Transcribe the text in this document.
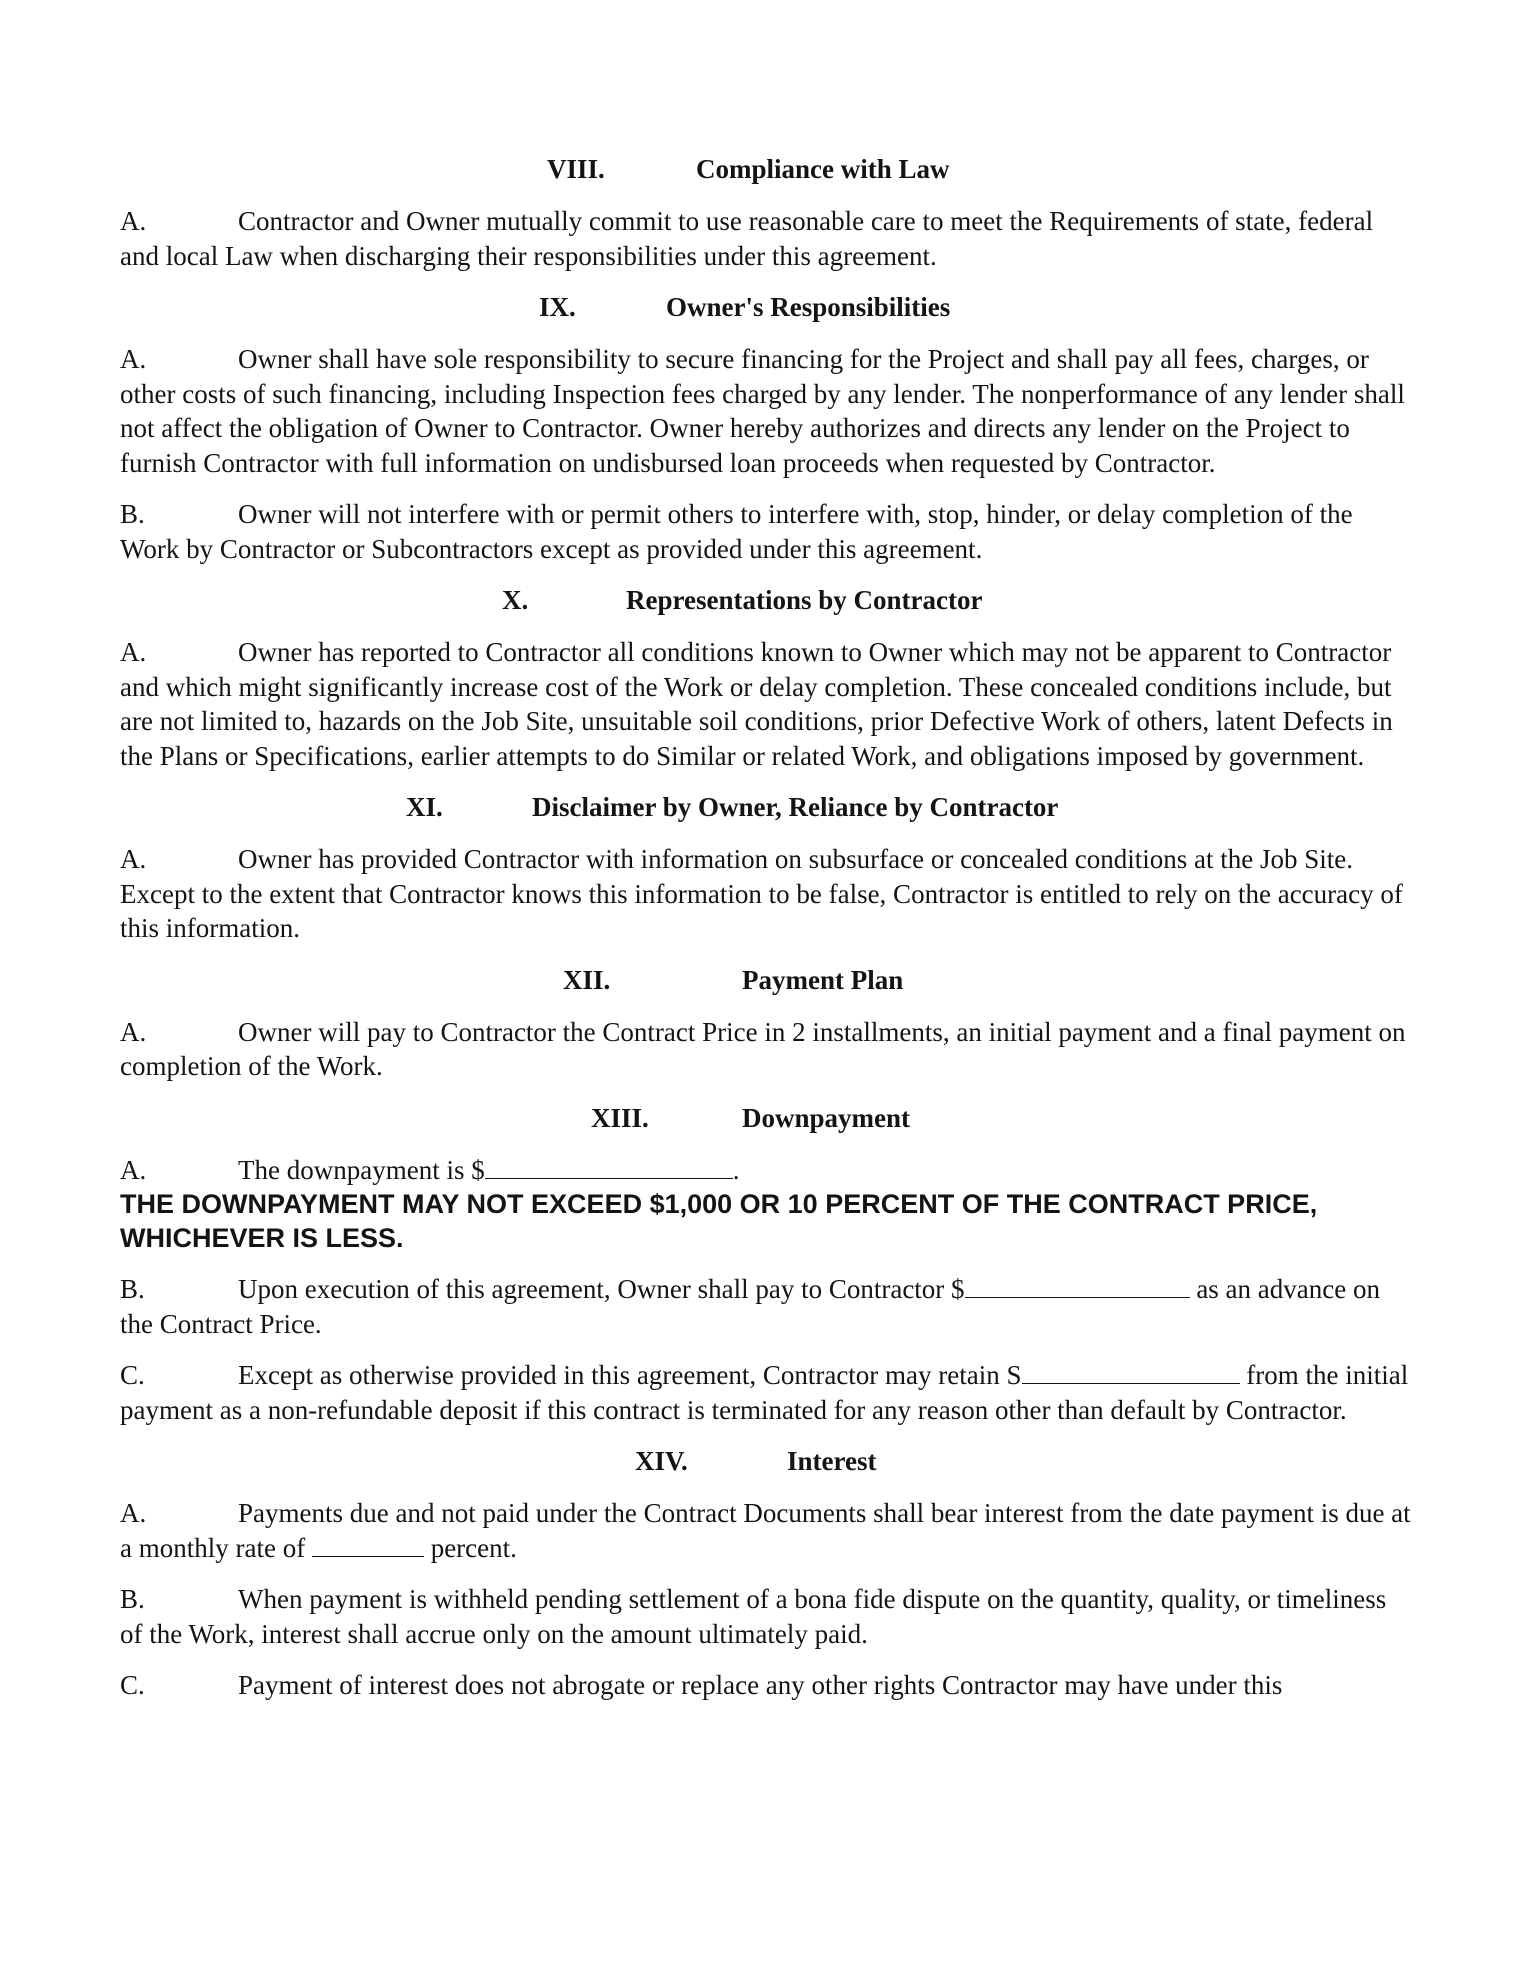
VIII.	Compliance with Law

A.	Contractor and Owner mutually commit to use reasonable care to meet the Requirements of state, federal and local Law when discharging their responsibilities under this agreement.

IX.	Owner's Responsibilities

A.	Owner shall have sole responsibility to secure financing for the Project and shall pay all fees, charges, or other costs of such financing, including Inspection fees charged by any lender. The nonperformance of any lender shall not affect the obligation of Owner to Contractor. Owner hereby authorizes and directs any lender on the Project to furnish Contractor with full information on undisbursed loan proceeds when requested by Contractor.

B.	Owner will not interfere with or permit others to interfere with, stop, hinder, or delay completion of the Work by Contractor or Subcontractors except as provided under this agreement.

X.	Representations by Contractor

A.	Owner has reported to Contractor all conditions known to Owner which may not be apparent to Contractor and which might significantly increase cost of the Work or delay completion. These concealed conditions include, but are not limited to, hazards on the Job Site, unsuitable soil conditions, prior Defective Work of others, latent Defects in the Plans or Specifications, earlier attempts to do Similar or related Work, and obligations imposed by government.

XI.	Disclaimer by Owner, Reliance by Contractor

A.	Owner has provided Contractor with information on subsurface or concealed conditions at the Job Site. Except to the extent that Contractor knows this information to be false, Contractor is entitled to rely on the accuracy of this information.

XII.	Payment Plan

A.	Owner will pay to Contractor the Contract Price in 2 installments, an initial payment and a final payment on completion of the Work.

XIII.	Downpayment

A.	The downpayment is $	.

THE DOWNPAYMENT MAY NOT EXCEED $1,000 OR 10 PERCENT OF THE CONTRACT PRICE, WHICHEVER IS LESS.

B.	Upon execution of this agreement, Owner shall pay to Contractor $	as an advance on the Contract Price.

C.	Except as otherwise provided in this agreement, Contractor may retain S	from the initial payment as a non-refundable deposit if this contract is terminated for any reason other than default by Contractor.

XIV.	Interest

A.	Payments due and not paid under the Contract Documents shall bear interest from the date payment is due at a monthly rate of	percent.

B.	When payment is withheld pending settlement of a bona fide dispute on the quantity, quality, or timeliness of the Work, interest shall accrue only on the amount ultimately paid.

C.	Payment of interest does not abrogate or replace any other rights Contractor may have under this
